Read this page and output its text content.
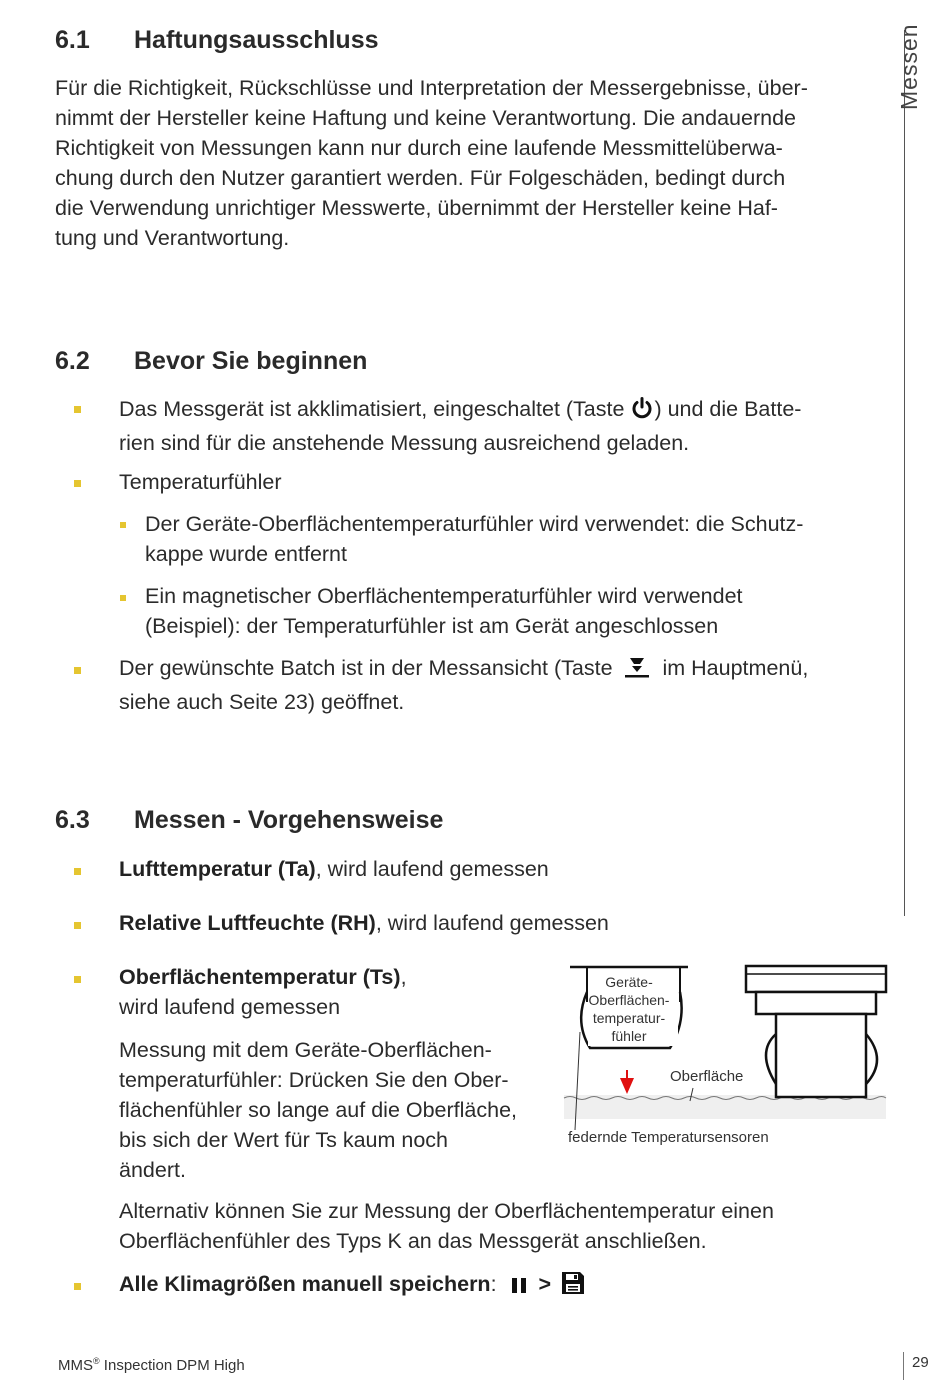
Messen
6.1 Haftungsausschluss
Für die Richtigkeit, Rückschlüsse und Interpretation der Messergebnisse, über-
nimmt der Hersteller keine Haftung und keine Verantwortung. Die andauernde
Richtigkeit von Messungen kann nur durch eine laufende Messmittelüberwa-
chung durch den Nutzer garantiert werden. Für Folgeschäden, bedingt durch
die Verwendung unrichtiger Messwerte, übernimmt der Hersteller keine Haf-
tung und Verantwortung.
6.2 Bevor Sie beginnen
Das Messgerät ist akklimatisiert, eingeschaltet (Taste ) und die Batte-
rien sind für die anstehende Messung ausreichend geladen.
Temperaturfühler
Der Geräte-Oberflächentemperaturfühler wird verwendet: die Schutz-
kappe wurde entfernt
Ein magnetischer Oberflächentemperaturfühler wird verwendet
(Beispiel): der Temperaturfühler ist am Gerät angeschlossen
Der gewünschte Batch ist in der Messansicht (Taste im Hauptmenü,
siehe auch Seite 23) geöffnet.
6.3 Messen - Vorgehensweise
Lufttemperatur (Ta), wird laufend gemessen
Relative Luftfeuchte (RH), wird laufend gemessen
Oberflächentemperatur (Ts),
wird laufend gemessen
Messung mit dem Geräte-Oberflächen-
temperaturfühler: Drücken Sie den Ober-
flächenfühler so lange auf die Oberfläche,
bis sich der Wert für Ts kaum noch
ändert.
Geräte-
Oberflächen-
temperatur-
fühler
Oberfläche
federnde Temperatursensoren
Alternativ können Sie zur Messung der Oberflächentemperatur einen
Oberflächenfühler des Typs K an das Messgerät anschließen.
Alle Klimagrößen manuell speichern: >
MMS® Inspection DPM High	29
